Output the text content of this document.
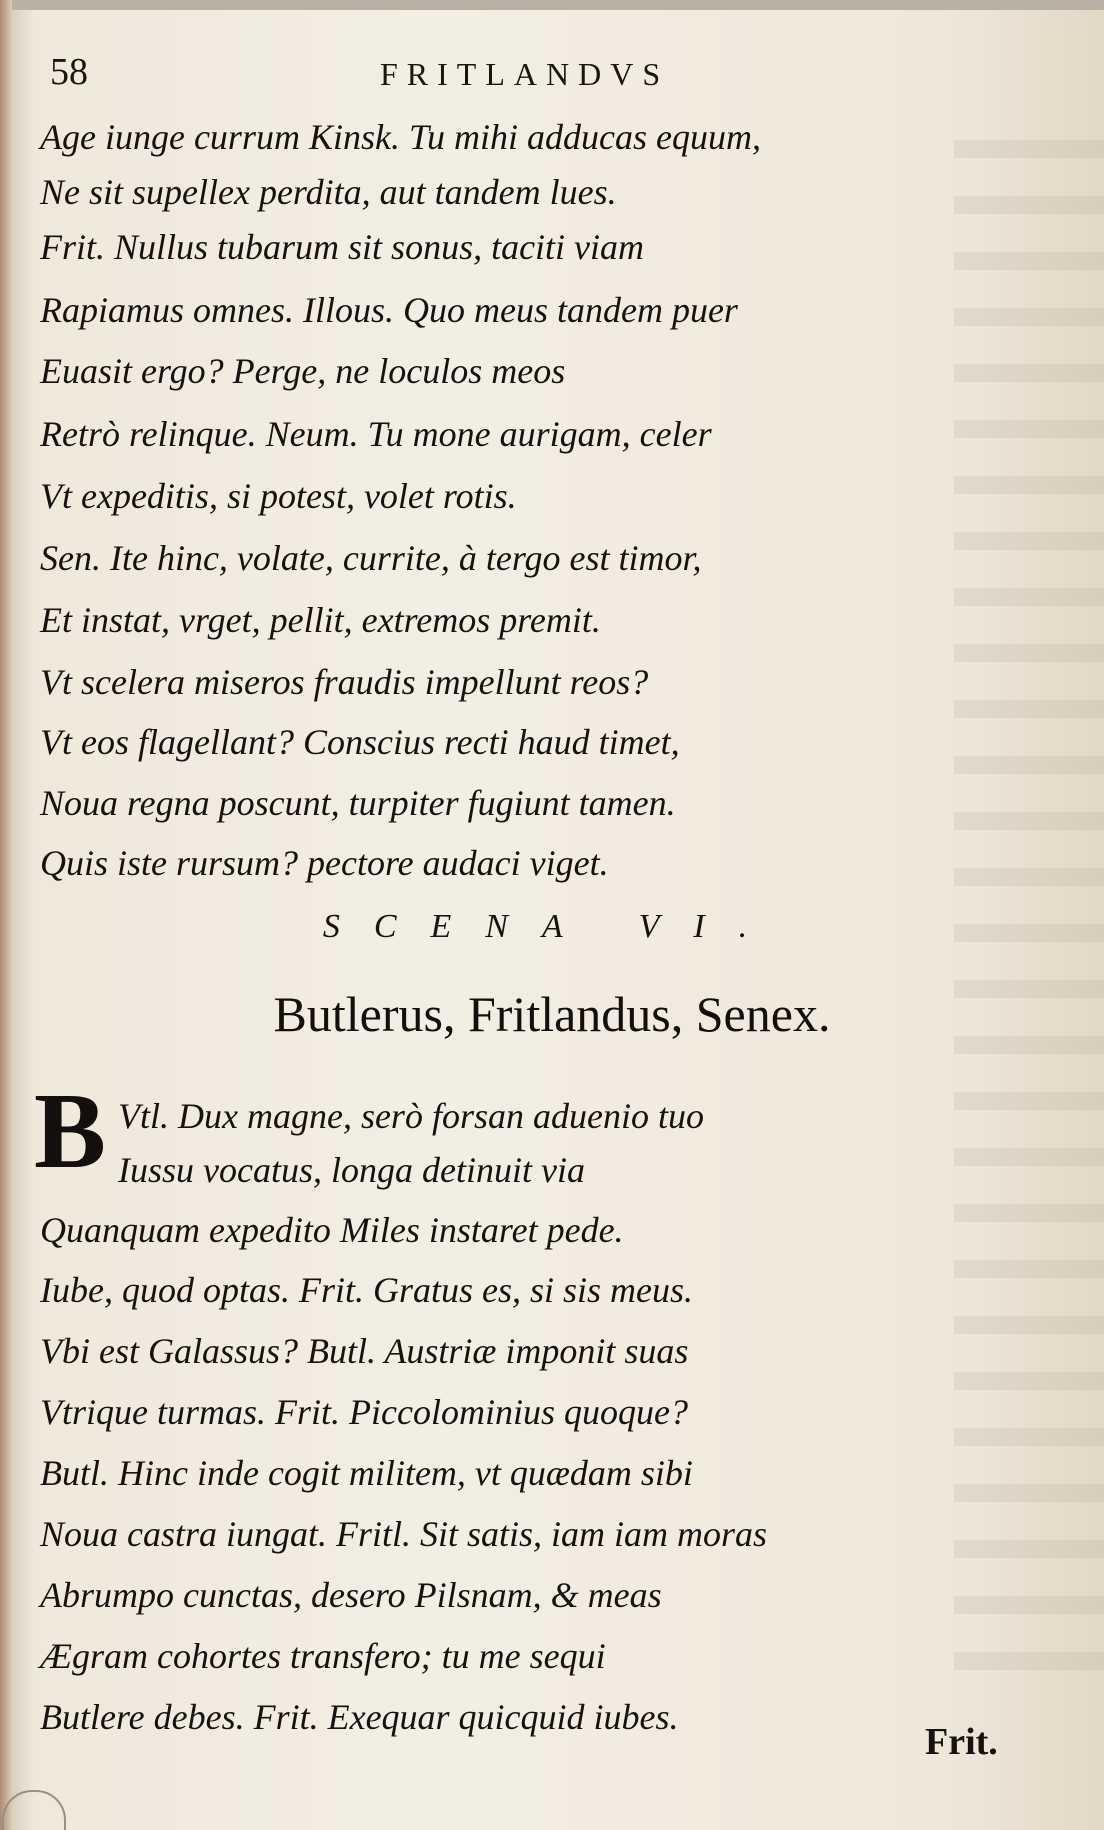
58	FRITLANDVS
Age iunge currum Kinsk. Tu mihi adducas equum,
Ne sit supellex perdita, aut tandem lues.
Frit. Nullus tubarum sit sonus, taciti viam
Rapiamus omnes. Illous. Quo meus tandem puer
Euasit ergo? Perge, ne loculos meos
Retrò relinque. Neum. Tu mone aurigam, celer
Vt expeditis, si potest, volet rotis.
Sen. Ite hinc, volate, currite, à tergo est timor,
Et instat, vrget, pellit, extremos premit.
Vt scelera miseros fraudis impellunt reos?
Vt eos flagellant? Conscius recti haud timet,
Noua regna poscunt, turpiter fugiunt tamen.
Quis iste rursum? pectore audaci viget.
SCENA VI.
Butlerus, Fritlandus, Senex.
B Vtl. Dux magne, serò forsan aduenio tuo
Iussu vocatus, longa detinuit via
Quanquam expedito Miles instaret pede.
Iube, quod optas. Frit. Gratus es, si sis meus.
Vbi est Galassus? Butl. Austriæ imponit suas
Vtrique turmas. Frit. Piccolominius quoque?
Butl. Hinc inde cogit militem, vt quædam sibi
Noua castra iungat. Fritl. Sit satis, iam iam moras
Abrumpo cunctas, desero Pilsnam, & meas
Ægram cohortes transfero; tu me sequi
Butlere debes. Frit. Exequar quicquid iubes.
Frit.
